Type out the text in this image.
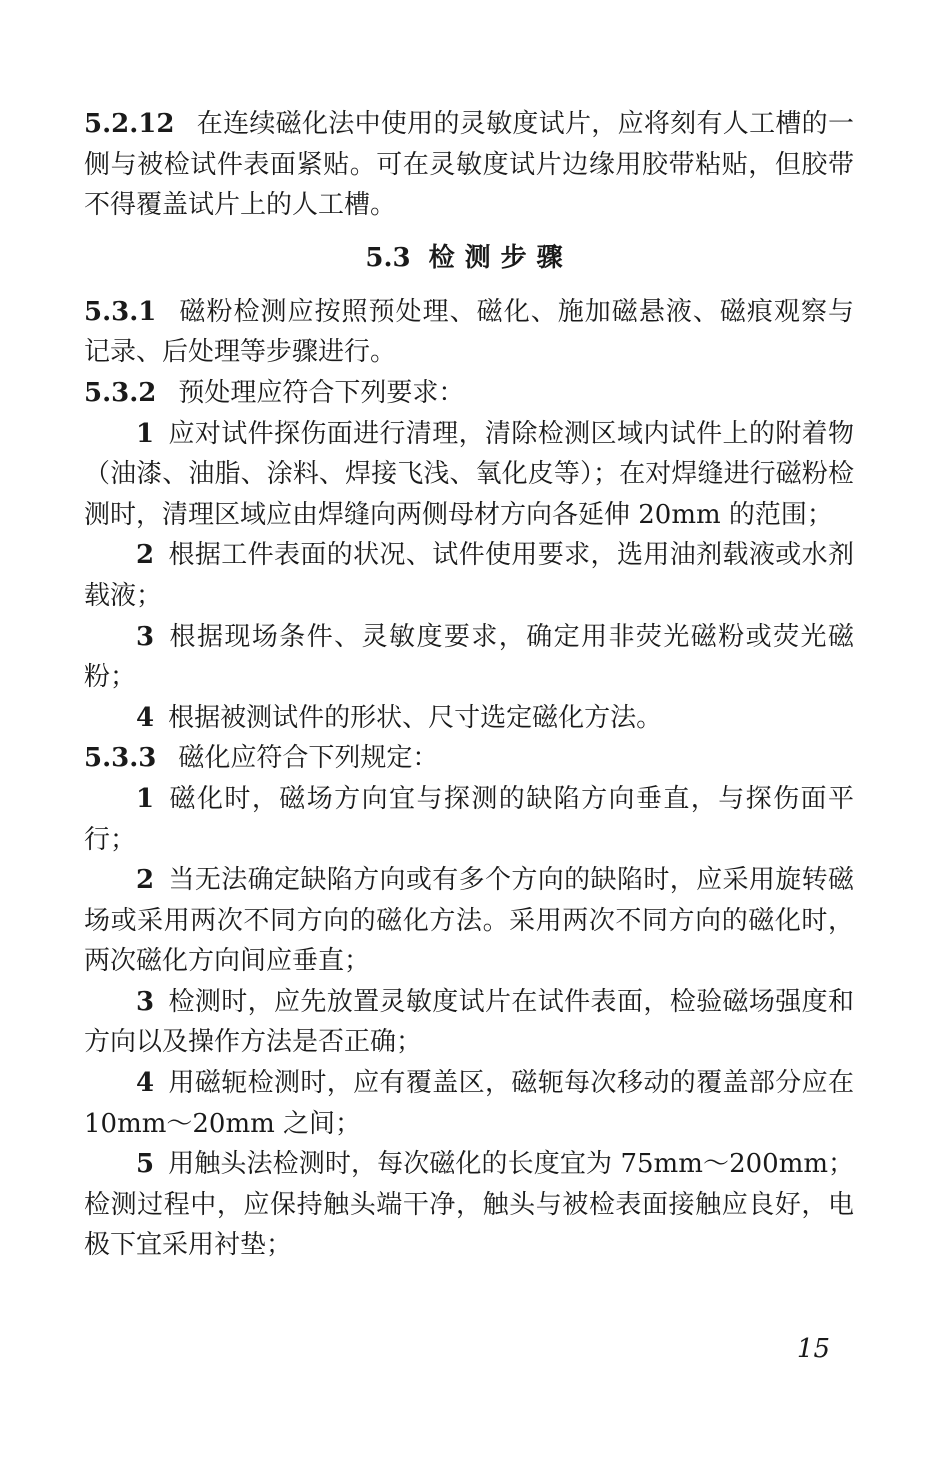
5.2.12 在连续磁化法中使用的灵敏度试片，应将刻有人工槽的一侧与被检试件表面紧贴。可在灵敏度试片边缘用胶带粘贴，但胶带不得覆盖试片上的人工槽。

5.3 检测步骤

5.3.1 磁粉检测应按照预处理、磁化、施加磁悬液、磁痕观察与记录、后处理等步骤进行。

5.3.2 预处理应符合下列要求：

1 应对试件探伤面进行清理，清除检测区域内试件上的附着物（油漆、油脂、涂料、焊接飞浅、氧化皮等）；在对焊缝进行磁粉检测时，清理区域应由焊缝向两侧母材方向各延伸 20mm 的范围；

2 根据工件表面的状况、试件使用要求，选用油剂载液或水剂载液；

3 根据现场条件、灵敏度要求，确定用非荧光磁粉或荧光磁粉；

4 根据被测试件的形状、尺寸选定磁化方法。

5.3.3 磁化应符合下列规定：

1 磁化时，磁场方向宜与探测的缺陷方向垂直，与探伤面平行；

2 当无法确定缺陷方向或有多个方向的缺陷时，应采用旋转磁场或采用两次不同方向的磁化方法。采用两次不同方向的磁化时，两次磁化方向间应垂直；

3 检测时，应先放置灵敏度试片在试件表面，检验磁场强度和方向以及操作方法是否正确；

4 用磁轭检测时，应有覆盖区，磁轭每次移动的覆盖部分应在 10mm～20mm 之间；

5 用触头法检测时，每次磁化的长度宜为 75mm～200mm；检测过程中，应保持触头端干净，触头与被检表面接触应良好，电极下宜采用衬垫；

15
